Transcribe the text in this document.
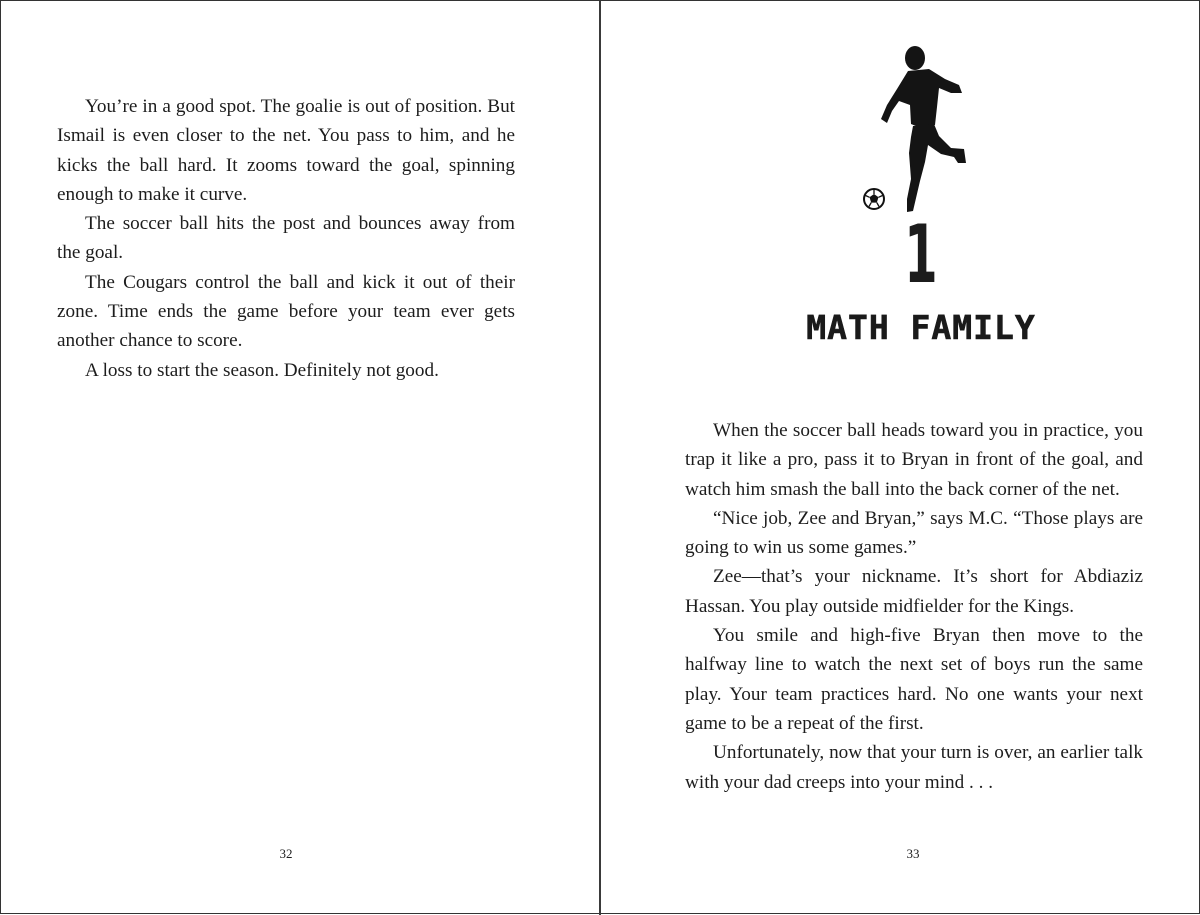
You’re in a good spot. The goalie is out of position. But Ismail is even closer to the net. You pass to him, and he kicks the ball hard. It zooms toward the goal, spinning enough to make it curve.

The soccer ball hits the post and bounces away from the goal.

The Cougars control the ball and kick it out of their zone. Time ends the game before your team ever gets another chance to score.

A loss to start the season. Definitely not good.

32
1
MATH FAMILY

When the soccer ball heads toward you in practice, you trap it like a pro, pass it to Bryan in front of the goal, and watch him smash the ball into the back corner of the net.

“Nice job, Zee and Bryan,” says M.C. “Those plays are going to win us some games.”

Zee—that’s your nickname. It’s short for Abdiaziz Hassan. You play outside midfielder for the Kings.

You smile and high-five Bryan then move to the halfway line to watch the next set of boys run the same play. Your team practices hard. No one wants your next game to be a repeat of the first.

Unfortunately, now that your turn is over, an earlier talk with your dad creeps into your mind . . .

33
